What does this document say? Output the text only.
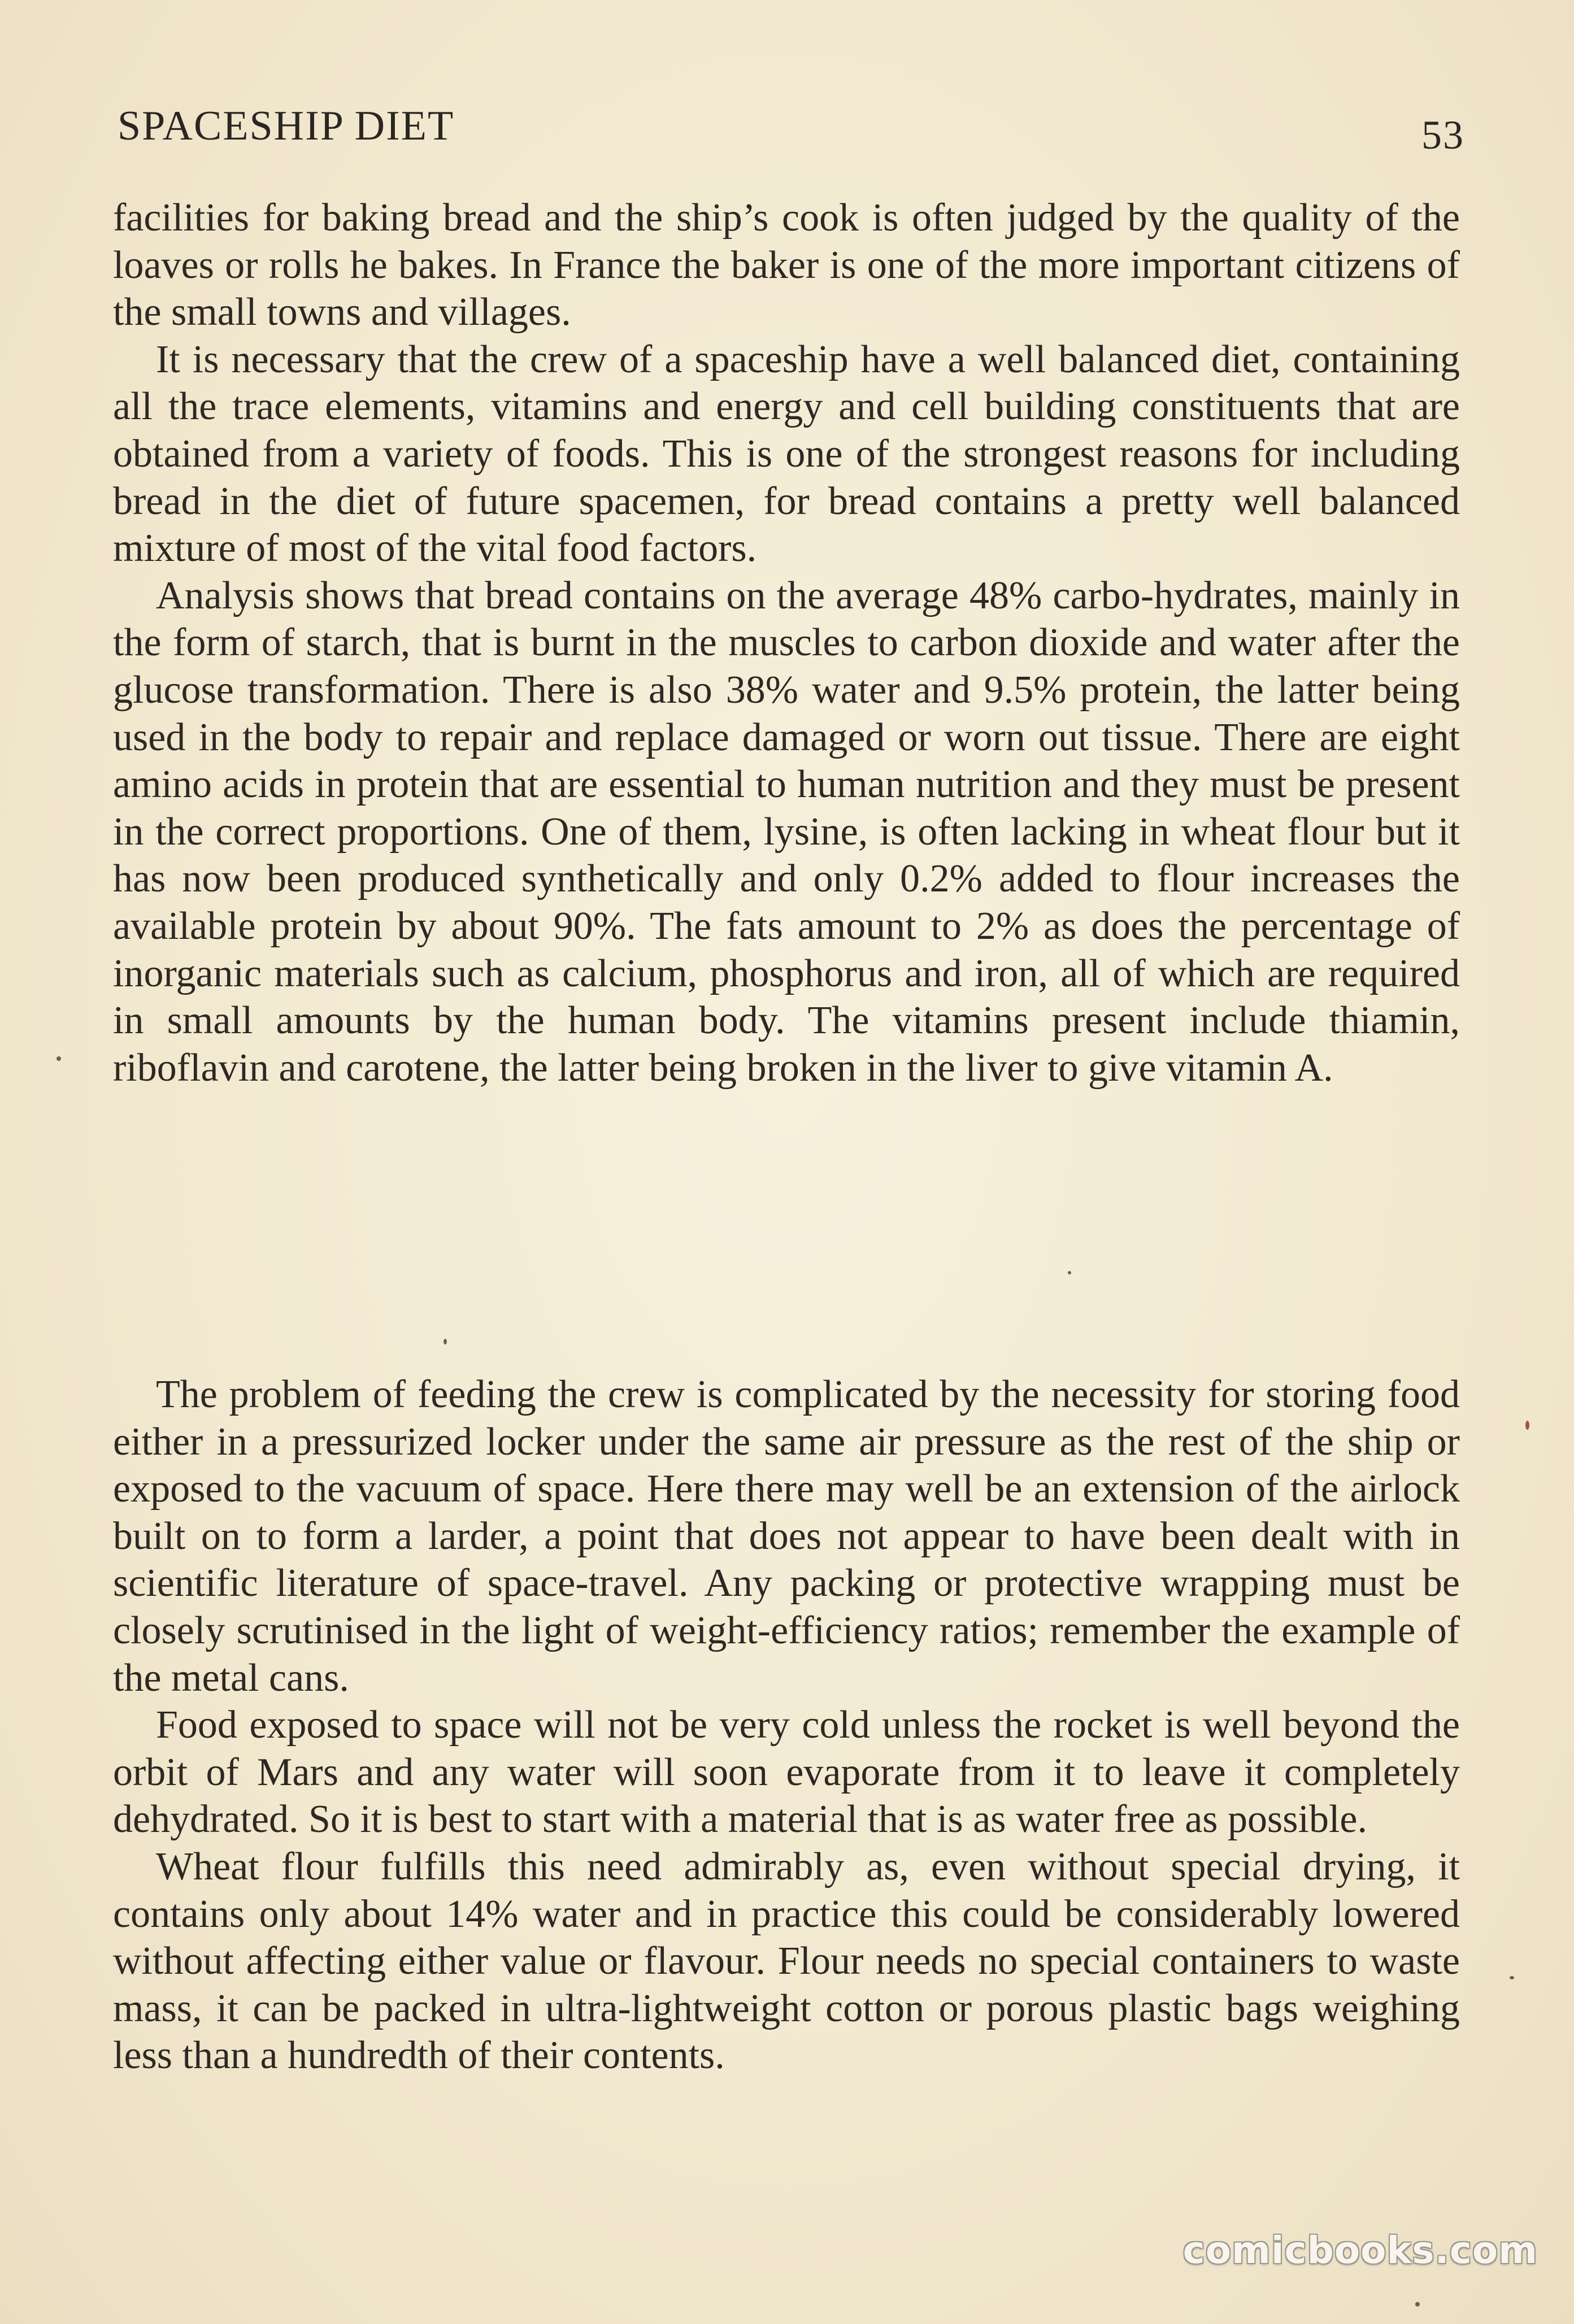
SPACESHIP DIET	53

facilities for baking bread and the ship’s cook is often judged by the quality of the loaves or rolls he bakes. In France the baker is one of the more important citizens of the small towns and villages.

It is necessary that the crew of a spaceship have a well balanced diet, containing all the trace elements, vitamins and energy and cell building constituents that are obtained from a variety of foods. This is one of the strongest reasons for including bread in the diet of future spacemen, for bread contains a pretty well balanced mixture of most of the vital food factors.

Analysis shows that bread contains on the average 48% carbo-hydrates, mainly in the form of starch, that is burnt in the muscles to carbon dioxide and water after the glucose transformation. There is also 38% water and 9.5% protein, the latter being used in the body to repair and replace damaged or worn out tissue. There are eight amino acids in protein that are essential to human nutrition and they must be present in the correct proportions. One of them, lysine, is often lacking in wheat flour but it has now been produced synthetically and only 0.2% added to flour increases the available protein by about 90%. The fats amount to 2% as does the percentage of inorganic materials such as calcium, phosphorus and iron, all of which are required in small amounts by the human body. The vitamins present include thiamin, riboflavin and carotene, the latter being broken in the liver to give vitamin A.

The problem of feeding the crew is complicated by the necessity for storing food either in a pressurized locker under the same air pressure as the rest of the ship or exposed to the vacuum of space. Here there may well be an extension of the airlock built on to form a larder, a point that does not appear to have been dealt with in scientific literature of space-travel. Any packing or protective wrapping must be closely scrutinised in the light of weight-efficiency ratios; remember the example of the metal cans.

Food exposed to space will not be very cold unless the rocket is well beyond the orbit of Mars and any water will soon evaporate from it to leave it completely dehydrated. So it is best to start with a material that is as water free as possible.

Wheat flour fulfills this need admirably as, even without special drying, it contains only about 14% water and in practice this could be considerably lowered without affecting either value or flavour. Flour needs no special containers to waste mass, it can be packed in ultra-lightweight cotton or porous plastic bags weighing less than a hundredth of their contents.

comicbooks.com
